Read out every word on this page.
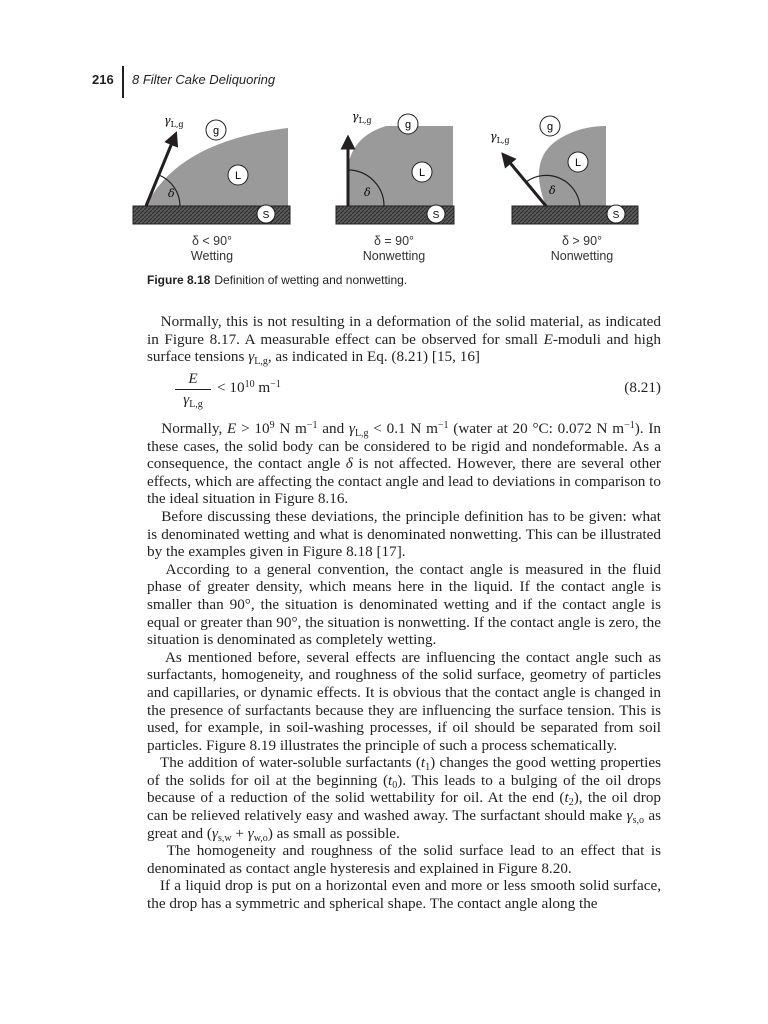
216 8 Filter Cake Deliquoring
g
L
S
δ
$\gamma_{L,g}$	g
L
S
δ
$\gamma_{L,g}$
g
L
S
δ
$\gamma_{L,g}$
δ < 90°
Wetting
δ = 90°
Nonwetting
δ > 90°
Nonwetting
Figure 8.18 Definition of wetting and nonwetting.

Normally, this is not resulting in a deformation of the solid material, as indicated in Figure 8.17. A measurable effect can be observed for small E-moduli and high surface tensions $\gamma_{L,g}$, as indicated in Eq. (8.21) [15, 16]

E
$\gamma_{L,g}$
< $10^{10}$ $m^{-1}$	(8.21)

Normally, $E > 10^9$ N $m^{-1}$ and $\gamma_{L,g} < 0.1$ N $m^{-1}$ (water at 20 °C: 0.072 N $m^{-1}$). In these cases, the solid body can be considered to be rigid and nondeformable. As a consequence, the contact angle δ is not affected. However, there are several other effects, which are affecting the contact angle and lead to deviations in comparison to the ideal situation in Figure 8.16.

Before discussing these deviations, the principle definition has to be given: what is denominated wetting and what is denominated nonwetting. This can be illustrated by the examples given in Figure 8.18 [17].

According to a general convention, the contact angle is measured in the fluid phase of greater density, which means here in the liquid. If the contact angle is smaller than 90°, the situation is denominated wetting and if the contact angle is equal or greater than 90°, the situation is nonwetting. If the contact angle is zero, the situation is denominated as completely wetting.

As mentioned before, several effects are influencing the contact angle such as surfactants, homogeneity, and roughness of the solid surface, geometry of particles and capillaries, or dynamic effects. It is obvious that the contact angle is changed in the presence of surfactants because they are influencing the surface tension. This is used, for example, in soil-washing processes, if oil should be separated from soil particles. Figure 8.19 illustrates the principle of such a process schematically.

The addition of water-soluble surfactants $(t_1)$ changes the good wetting properties of the solids for oil at the beginning $(t_0)$. This leads to a bulging of the oil drops because of a reduction of the solid wettability for oil. At the end $(t_2)$, the oil drop can be relieved relatively easy and washed away. The surfactant should make $\gamma_{s,o}$ as great and $(\gamma_{s,w} + \gamma_{w,o})$ as small as possible.

The homogeneity and roughness of the solid surface lead to an effect that is denominated as contact angle hysteresis and explained in Figure 8.20.

If a liquid drop is put on a horizontal even and more or less smooth solid surface, the drop has a symmetric and spherical shape. The contact angle along the
